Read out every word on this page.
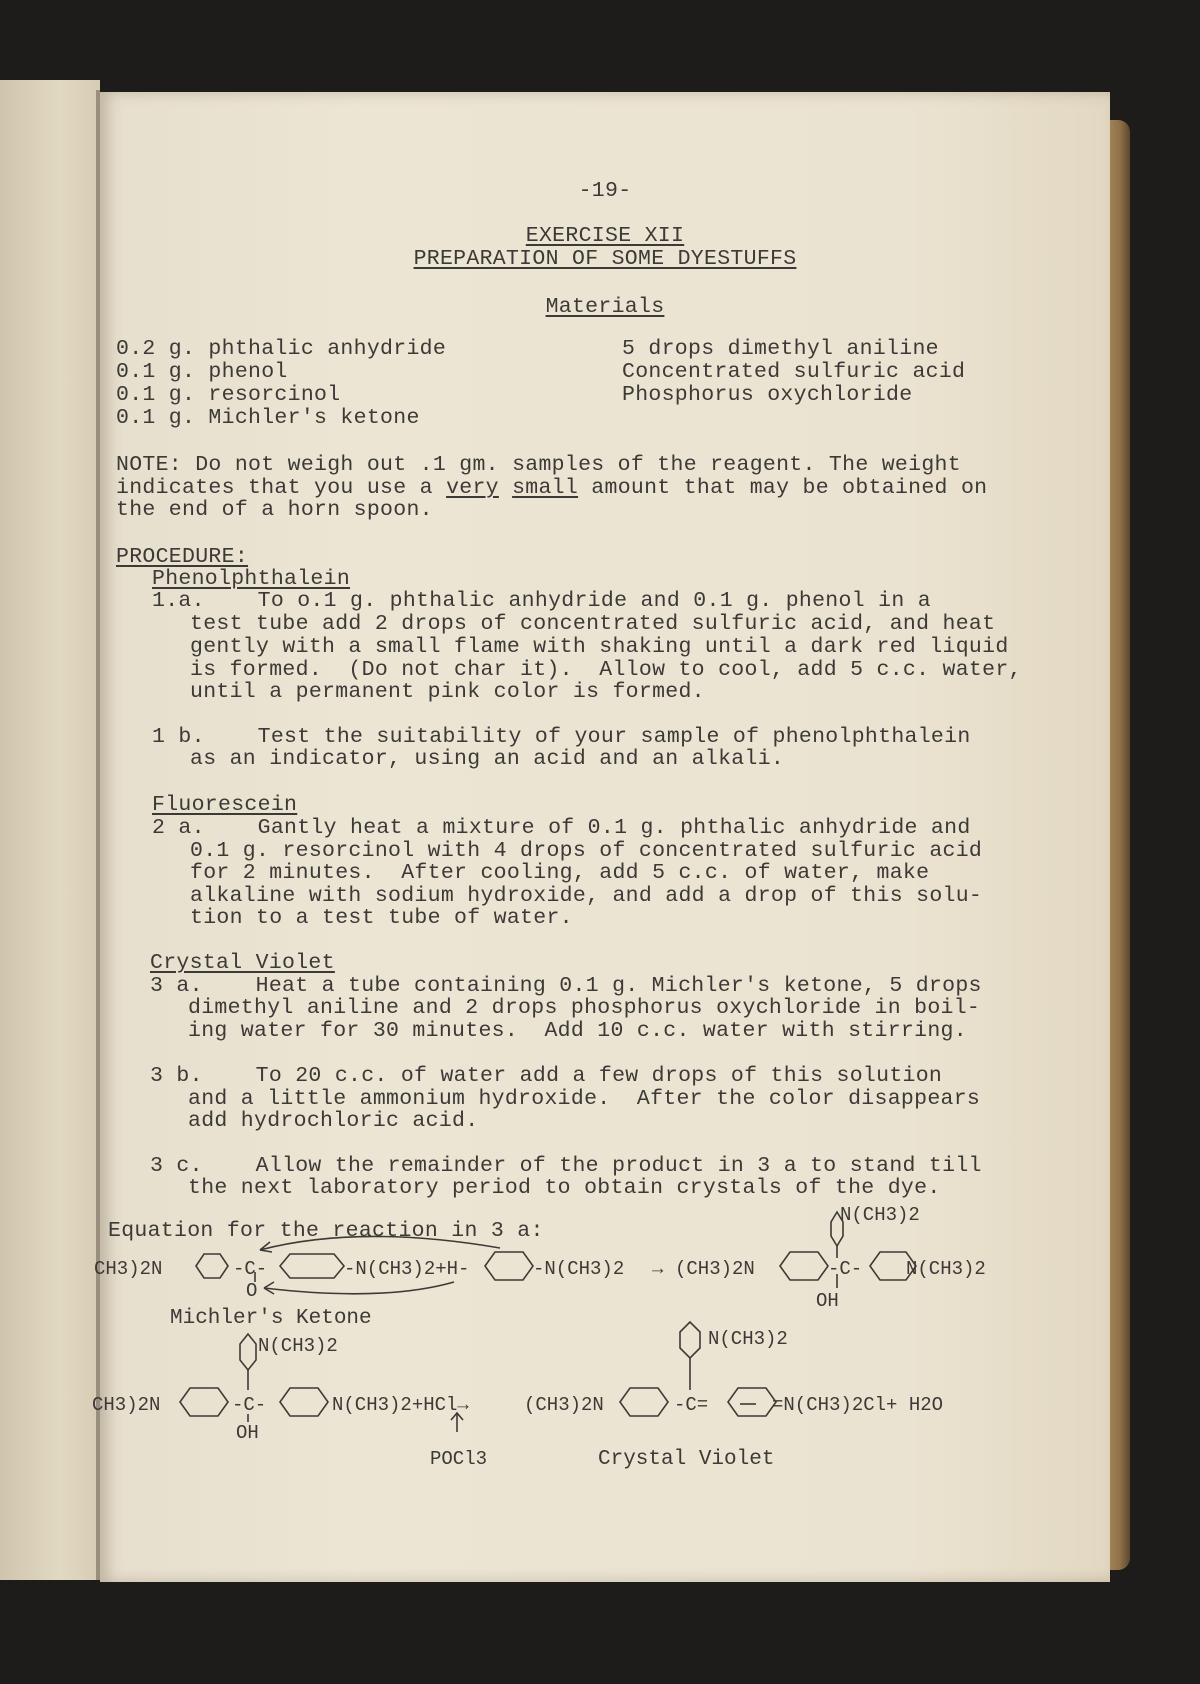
-19-
EXERCISE XII
PREPARATION OF SOME DYESTUFFS
Materials
0.2 g. phthalic anhydride
0.1 g. phenol
0.1 g. resorcinol
0.1 g. Michler's ketone
5 drops dimethyl aniline
Concentrated sulfuric acid
Phosphorus oxychloride
NOTE: Do not weigh out .1 gm. samples of the reagent. The weight
indicates that you use a very small amount that may be obtained on
the end of a horn spoon.
PROCEDURE:
Phenolphthalein
1.a.    To o.1 g. phthalic anhydride and 0.1 g. phenol in a
test tube add 2 drops of concentrated sulfuric acid, and heat
gently with a small flame with shaking until a dark red liquid
is formed.  (Do not char it).  Allow to cool, add 5 c.c. water,
until a permanent pink color is formed.
1 b.    Test the suitability of your sample of phenolphthalein
as an indicator, using an acid and an alkali.
Fluorescein
2 a.    Gantly heat a mixture of 0.1 g. phthalic anhydride and
0.1 g. resorcinol with 4 drops of concentrated sulfuric acid
for 2 minutes.  After cooling, add 5 c.c. of water, make
alkaline with sodium hydroxide, and add a drop of this solu-
tion to a test tube of water.
Crystal Violet
3 a.    Heat a tube containing 0.1 g. Michler's ketone, 5 drops
dimethyl aniline and 2 drops phosphorus oxychloride in boil-
ing water for 30 minutes.  Add 10 c.c. water with stirring.
3 b.    To 20 c.c. of water add a few drops of this solution
and a little ammonium hydroxide.  After the color disappears
add hydrochloric acid.
3 c.    Allow the remainder of the product in 3 a to stand till
the next laboratory period to obtain crystals of the dye.
Equation for the reaction in 3 a:
CH3)2N	-C-
O
-N(CH3)2+H-	-N(CH3)2 → (CH3)2N	-C- N(CH3)2
N(CH3)2
OH
N(CH3)2
CH3)2N	-C-
OH
N(CH3)2+HCl→	(CH3)2N	-C=	=N(CH3)2Cl+ H2O
N(CH3)2
POCl3
Michler's Ketone
Crystal Violet
